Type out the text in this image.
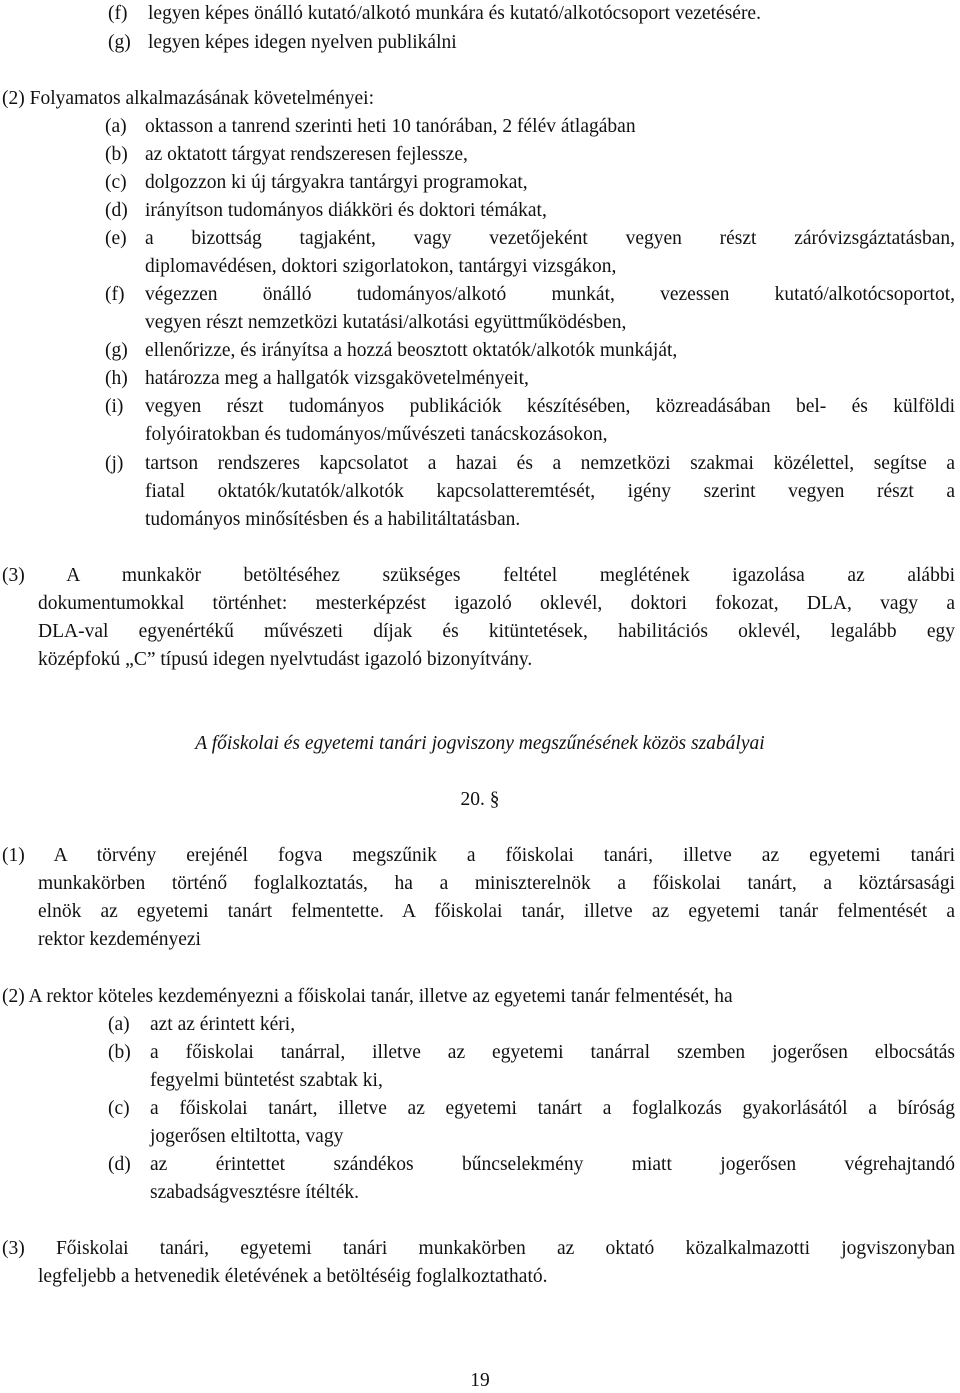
(f) legyen képes önálló kutató/alkotó munkára és kutató/alkotócsoport vezetésére.
(g) legyen képes idegen nyelven publikálni
(2) Folyamatos alkalmazásának követelményei:
(a) oktasson a tanrend szerinti heti 10 tanórában, 2 félév átlagában
(b) az oktatott tárgyat rendszeresen fejlessze,
(c) dolgozzon ki új tárgyakra tantárgyi programokat,
(d) irányítson tudományos diákköri és doktori témákat,
(e) a bizottság tagjaként, vagy vezetőjeként vegyen részt záróvizsgáztatásban,
diplomavédésen, doktori szigorlatokon, tantárgyi vizsgákon,
(f) végezzen önálló tudományos/alkotó munkát, vezessen kutató/alkotócsoportot,
vegyen részt nemzetközi kutatási/alkotási együttműködésben,
(g) ellenőrizze, és irányítsa a hozzá beosztott oktatók/alkotók munkáját,
(h) határozza meg a hallgatók vizsgakövetelményeit,
(i) vegyen részt tudományos publikációk készítésében, közreadásában bel- és külföldi
folyóiratokban és tudományos/művészeti tanácskozásokon,
(j) tartson rendszeres kapcsolatot a hazai és a nemzetközi szakmai közélettel, segítse a
fiatal oktatók/kutatók/alkotók kapcsolatteremtését, igény szerint vegyen részt a
tudományos minősítésben és a habilitáltatásban.
(3) A munkakör betöltéséhez szükséges feltétel meglétének igazolása az alábbi
dokumentumokkal történhet: mesterképzést igazoló oklevél, doktori fokozat, DLA, vagy a
DLA-val egyenértékű művészeti díjak és kitüntetések, habilitációs oklevél, legalább egy
középfokú „C” típusú idegen nyelvtudást igazoló bizonyítvány.
A főiskolai és egyetemi tanári jogviszony megszűnésének közös szabályai
20. §
(1) A törvény erejénél fogva megszűnik a főiskolai tanári, illetve az egyetemi tanári
munkakörben történő foglalkoztatás, ha a miniszterelnök a főiskolai tanárt, a köztársasági
elnök az egyetemi tanárt felmentette. A főiskolai tanár, illetve az egyetemi tanár felmentését a
rektor kezdeményezi
(2) A rektor köteles kezdeményezni a főiskolai tanár, illetve az egyetemi tanár felmentését, ha
(a) azt az érintett kéri,
(b) a főiskolai tanárral, illetve az egyetemi tanárral szemben jogerősen elbocsátás
fegyelmi büntetést szabtak ki,
(c) a főiskolai tanárt, illetve az egyetemi tanárt a foglalkozás gyakorlásától a bíróság
jogerősen eltiltotta, vagy
(d) az érintettet szándékos bűncselekmény miatt jogerősen végrehajtandó
szabadságvesztésre ítélték.
(3) Főiskolai tanári, egyetemi tanári munkakörben az oktató közalkalmazotti jogviszonyban
legfeljebb a hetvenedik életévének a betöltéséig foglalkoztatható.
19
